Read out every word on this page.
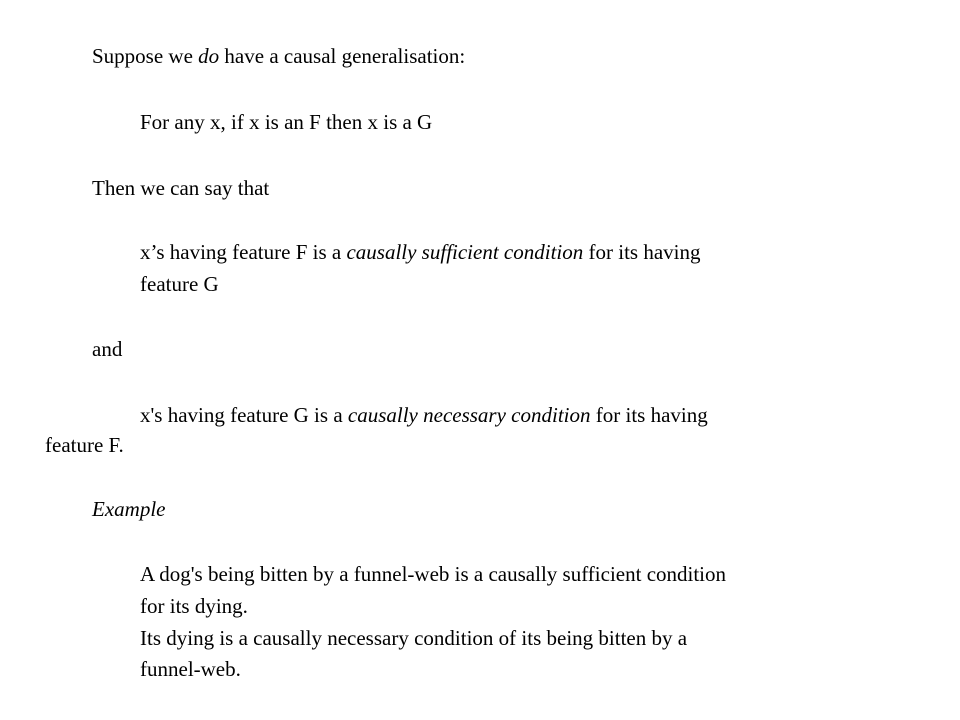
Suppose we do have a causal generalisation:
For any x, if x is an F then x is a G
Then we can say that
x’s having feature F is a causally sufficient condition for its having
feature G
and
x's having feature G is a causally necessary condition for its having
feature F.
Example
A dog's being bitten by a funnel-web is a causally sufficient condition
for its dying.
Its dying is a causally necessary condition of its being bitten by a
funnel-web.
